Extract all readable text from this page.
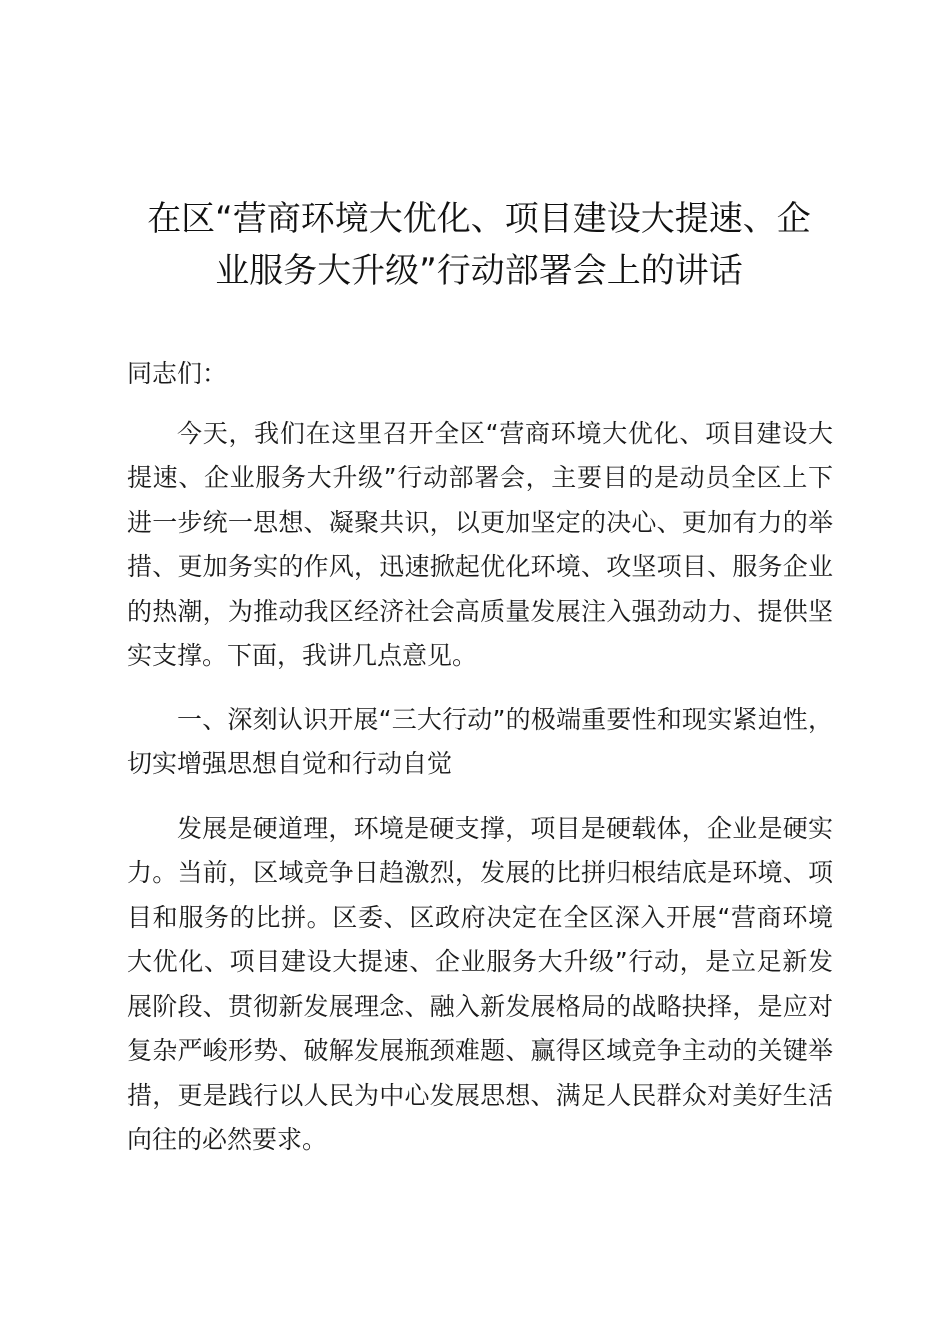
在区“营商环境大优化、项目建设大提速、企
业服务大升级”行动部署会上的讲话

同志们：

今天，我们在这里召开全区“营商环境大优化、项目建设大提速、企业服务大升级”行动部署会，主要目的是动员全区上下进一步统一思想、凝聚共识，以更加坚定的决心、更加有力的举措、更加务实的作风，迅速掀起优化环境、攻坚项目、服务企业的热潮，为推动我区经济社会高质量发展注入强劲动力、提供坚实支撑。下面，我讲几点意见。

一、深刻认识开展“三大行动”的极端重要性和现实紧迫性，切实增强思想自觉和行动自觉

发展是硬道理，环境是硬支撑，项目是硬载体，企业是硬实力。当前，区域竞争日趋激烈，发展的比拼归根结底是环境、项目和服务的比拼。区委、区政府决定在全区深入开展“营商环境大优化、项目建设大提速、企业服务大升级”行动，是立足新发展阶段、贯彻新发展理念、融入新发展格局的战略抉择，是应对复杂严峻形势、破解发展瓶颈难题、赢得区域竞争主动的关键举措，更是践行以人民为中心发展思想、满足人民群众对美好生活向往的必然要求。
